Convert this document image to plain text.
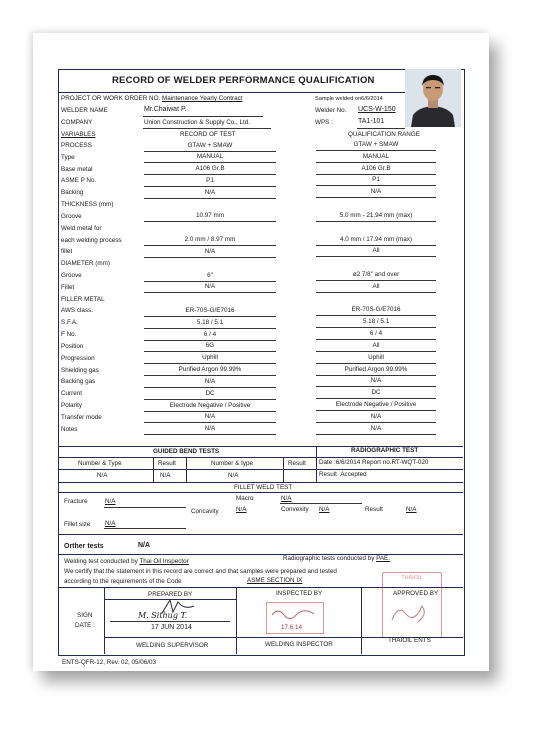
RECORD OF WELDER PERFORMANCE QUALIFICATION
PROJECT OR WORK ORDER NO. Maintenance Yearly Contract	Sample welded on6/6/2014
WELDER NAME	Mr.Chaiwat P.	Welder No. UCS-W-150
COMPANY	Union Construction & Supply Co., Ltd.	WPS :	TA1-101
VARIABLES	RECORD OF TEST	QUALIFICATION RANGE
PROCESS	GTAW + SMAW	GTAW + SMAW
Type	MANUAL	MANUAL
Base metal	A106 Gr.B	A106 Gr.B
ASME P No.	P1	P1
Backing	N/A	N/A
THICKNESS (mm)
Groove	10.97 mm	5.0 mm - 21.94 mm (max)
Weld metal for
each welding process	2.0 mm / 8.97 mm	4.0 mm / 17.94 mm (max)
fillet	N/A	All
DIAMETER (mm)
Groove	6"	ø2 7/8" and over
Fillet	N/A	All
FILLER METAL
AWS class.	ER-70S-G/E7016	ER-70S-G/E7016
S.F.A.	5.18 / 5.1	5.18 / 5.1
F No.	6 / 4	6 / 4
Position	6G	All
Progression	Uphill	Uphill
Shielding gas	Purified Argon 99.99%	Purified Argon 99.99%
Backing gas	N/A	N/A
Current	DC	DC
Polarity	Electrode Negative / Positive	Electrode Negative / Positive
Transfer mode	N/A	N/A
Notes	N/A	N/A
GUIDED BEND TESTS	RADIOGRAPHIC TEST
Number & Type	Result	Number & type	Result Date :6/6/2014 Report no.RT-WQT-020
N/A	N/A	N/A	Result Accepted
FILLET WELD TEST
Fracture	N/A	Macro	N/A
Concavity	N/A	Convexity N/A	Result	N/A
Fillet size N/A
Orther tests	N/A
Welding test conducted by Thai Oil Inspector	Radiographic tests conducted by PAE.
We certify that the statement in this record are correct and that samples were prepared and tested
according to the requirements of the Code	ASME SECTION IX
PREPARED BY	INSPECTED BY	APPROVED BY
SIGN
DATE :
M. Sithug T.
17 JUN 2014	17.6.14
THAIOIL
WELDING SUPERVISOR	WELDING INSPECTOR
THAIOIL ENTS
ENTS-QFR-12, Rev. 02, 05/06/03
